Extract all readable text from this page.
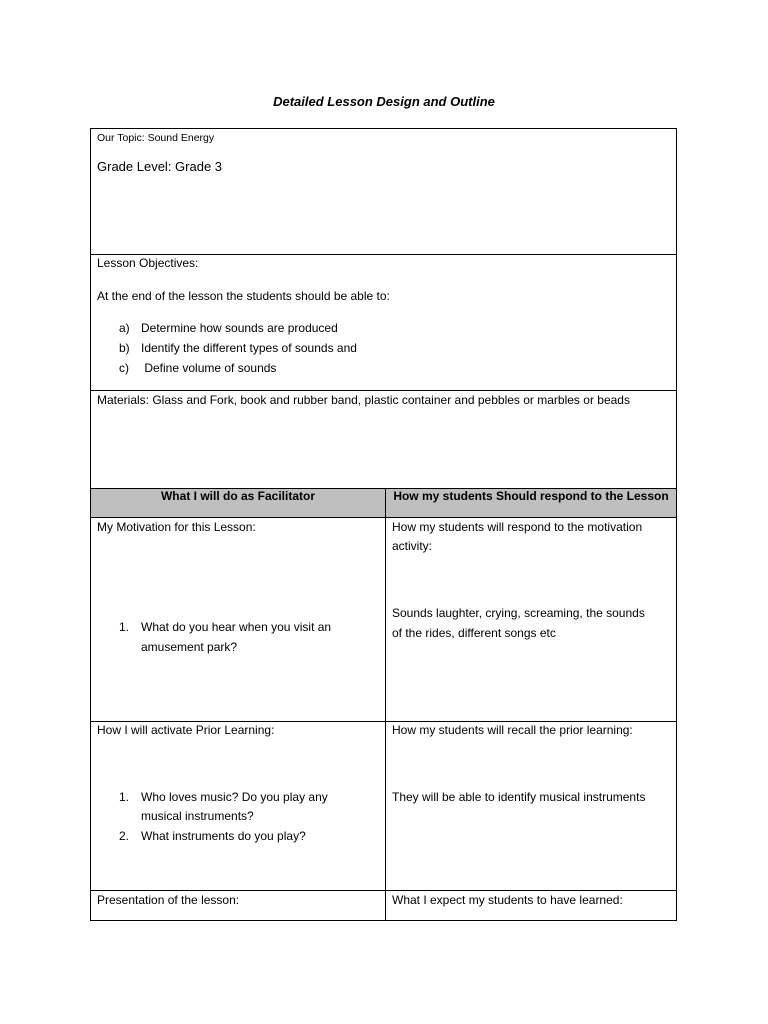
Detailed Lesson Design and Outline
Our Topic: Sound Energy
Grade Level: Grade 3
Lesson Objectives:
At the end of the lesson the students should be able to:
a) Determine how sounds are produced
b) Identify the different types of sounds and
c) Define volume of sounds
Materials: Glass and Fork, book and rubber band, plastic container and pebbles or marbles or beads
What I will do as Facilitator	How my students Should respond to the Lesson
My Motivation for this Lesson:
1. What do you hear when you visit an
amusement park?
How my students will respond to the motivation
activity:
Sounds laughter, crying, screaming, the sounds
of the rides, different songs etc
How I will activate Prior Learning:
1. Who loves music? Do you play any
musical instruments?
2. What instruments do you play?
How my students will recall the prior learning:
They will be able to identify musical instruments
Presentation of the lesson:	What I expect my students to have learned:
